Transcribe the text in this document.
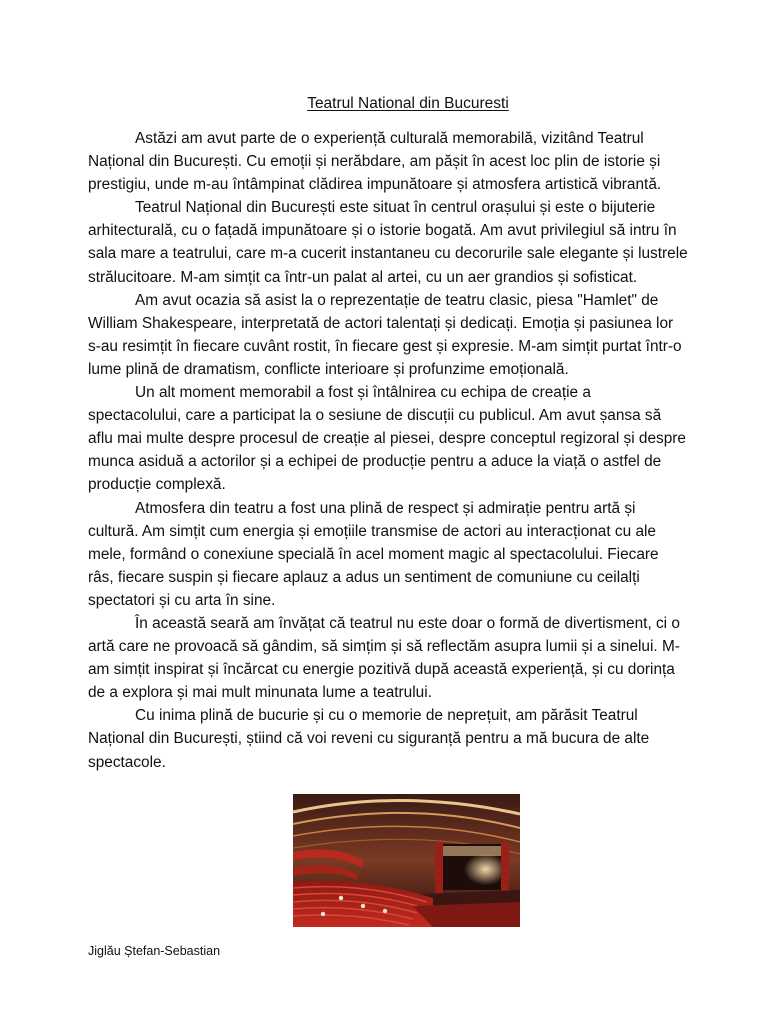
Teatrul National din Bucuresti

Astăzi am avut parte de o experiență culturală memorabilă, vizitând Teatrul Național din București. Cu emoții și nerăbdare, am pășit în acest loc plin de istorie și prestigiu, unde m-au întâmpinat clădirea impunătoare și atmosfera artistică vibrantă.

Teatrul Național din București este situat în centrul orașului și este o bijuterie arhitecturală, cu o fațadă impunătoare și o istorie bogată. Am avut privilegiul să intru în sala mare a teatrului, care m-a cucerit instantaneu cu decorurile sale elegante și lustrele strălucitoare. M-am simțit ca într-un palat al artei, cu un aer grandios și sofisticat.

Am avut ocazia să asist la o reprezentație de teatru clasic, piesa "Hamlet" de William Shakespeare, interpretată de actori talentați și dedicați. Emoția și pasiunea lor s-au resimțit în fiecare cuvânt rostit, în fiecare gest și expresie. M-am simțit purtat într-o lume plină de dramatism, conflicte interioare și profunzime emoțională.

Un alt moment memorabil a fost și întâlnirea cu echipa de creație a spectacolului, care a participat la o sesiune de discuții cu publicul. Am avut șansa să aflu mai multe despre procesul de creație al piesei, despre conceptul regizoral și despre munca asiduă a actorilor și a echipei de producție pentru a aduce la viață o astfel de producție complexă.

Atmosfera din teatru a fost una plină de respect și admirație pentru artă și cultură. Am simțit cum energia și emoțiile transmise de actori au interacționat cu ale mele, formând o conexiune specială în acel moment magic al spectacolului. Fiecare râs, fiecare suspin și fiecare aplauz a adus un sentiment de comuniune cu ceilalți spectatori și cu arta în sine.

În această seară am învățat că teatrul nu este doar o formă de divertisment, ci o artă care ne provoacă să gândim, să simțim și să reflectăm asupra lumii și a sinelui. M-am simțit inspirat și încărcat cu energie pozitivă după această experiență, și cu dorința de a explora și mai mult minunata lume a teatrului.

Cu inima plină de bucurie și cu o memorie de neprețuit, am părăsit Teatrul Național din București, știind că voi reveni cu siguranță pentru a mă bucura de alte spectacole.

Jiglău Ștefan-Sebastian
